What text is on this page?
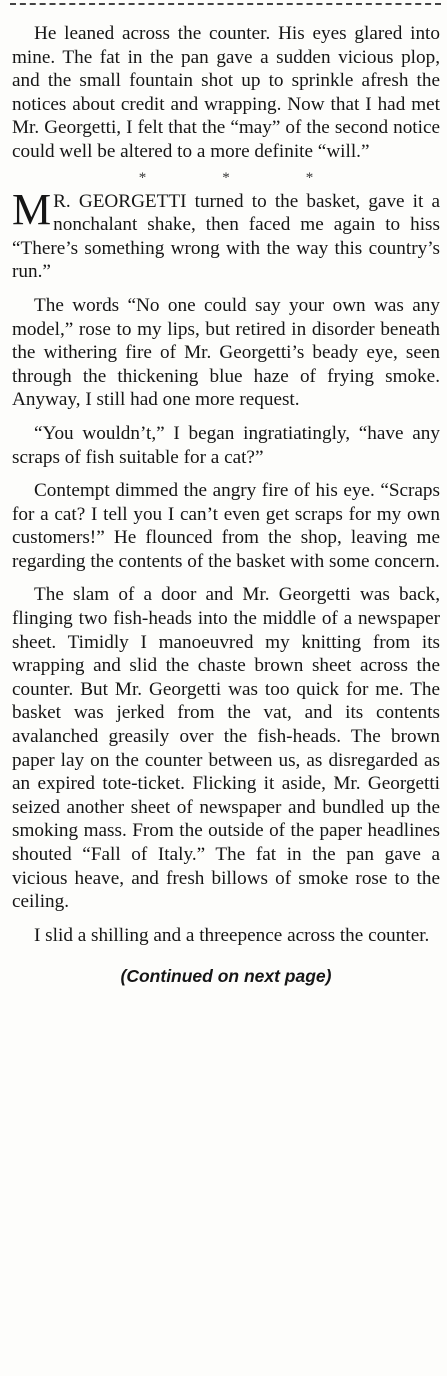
He leaned across the counter. His eyes glared into mine. The fat in the pan gave a sudden vicious plop, and the small fountain shot up to sprinkle afresh the notices about credit and wrapping. Now that I had met Mr. Georgetti, I felt that the “may” of the second notice could well be altered to a more definite “will.”

*	*	*

M R. GEORGETTI turned to the basket, gave it a nonchalant shake, then faced me again to hiss “There’s something wrong with the way this country’s run.”

The words “No one could say your own was any model,” rose to my lips, but retired in disorder beneath the withering fire of Mr. Georgetti’s beady eye, seen through the thickening blue haze of frying smoke. Anyway, I still had one more request.

“You wouldn’t,” I began ingratiatingly, “have any scraps of fish suitable for a cat?”

Contempt dimmed the angry fire of his eye. “Scraps for a cat? I tell you I can’t even get scraps for my own customers!” He flounced from the shop, leaving me regarding the contents of the basket with some concern.

The slam of a door and Mr. Georgetti was back, flinging two fish-heads into the middle of a newspaper sheet. Timidly I manoeuvred my knitting from its wrapping and slid the chaste brown sheet across the counter. But Mr. Georgetti was too quick for me. The basket was jerked from the vat, and its contents avalanched greasily over the fish-heads. The brown paper lay on the counter between us, as disregarded as an expired tote-ticket. Flicking it aside, Mr. Georgetti seized another sheet of newspaper and bundled up the smoking mass. From the outside of the paper headlines shouted “Fall of Italy.” The fat in the pan gave a vicious heave, and fresh billows of smoke rose to the ceiling.

I slid a shilling and a threepence across the counter.

(Continued on next page)
